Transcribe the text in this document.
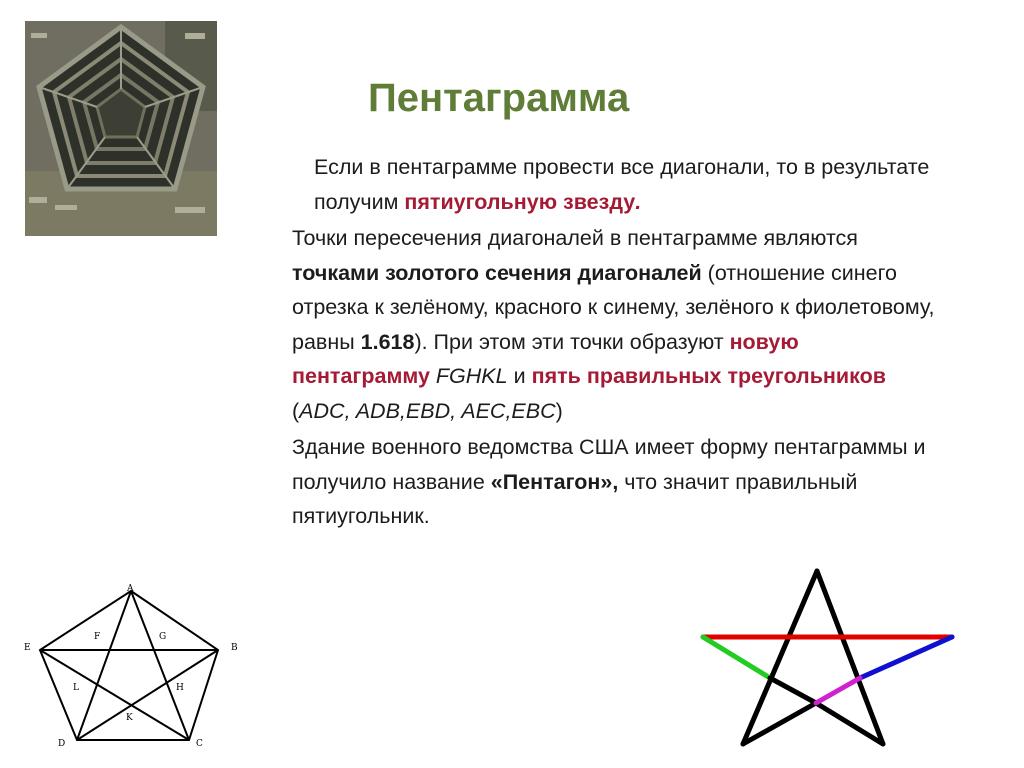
Пентаграмма

Если в пентаграмме провести все диагонали, то в результате получим пятиугольную звезду.

Точки пересечения диагоналей в пентаграмме являются точками золотого сечения диагоналей (отношение синего отрезка к зелёному, красного к синему, зелёного к фиолетовому, равны 1.618). При этом эти точки образуют новую пентаграмму FGHKL и пять правильных треугольников (ADC, ADB,EBD, AEC,EBC)

Здание военного ведомства США имеет форму пентаграммы и получило название «Пентагон», что значит правильный пятиугольник.

A
B
C
D
E
F	G
H
K
L
